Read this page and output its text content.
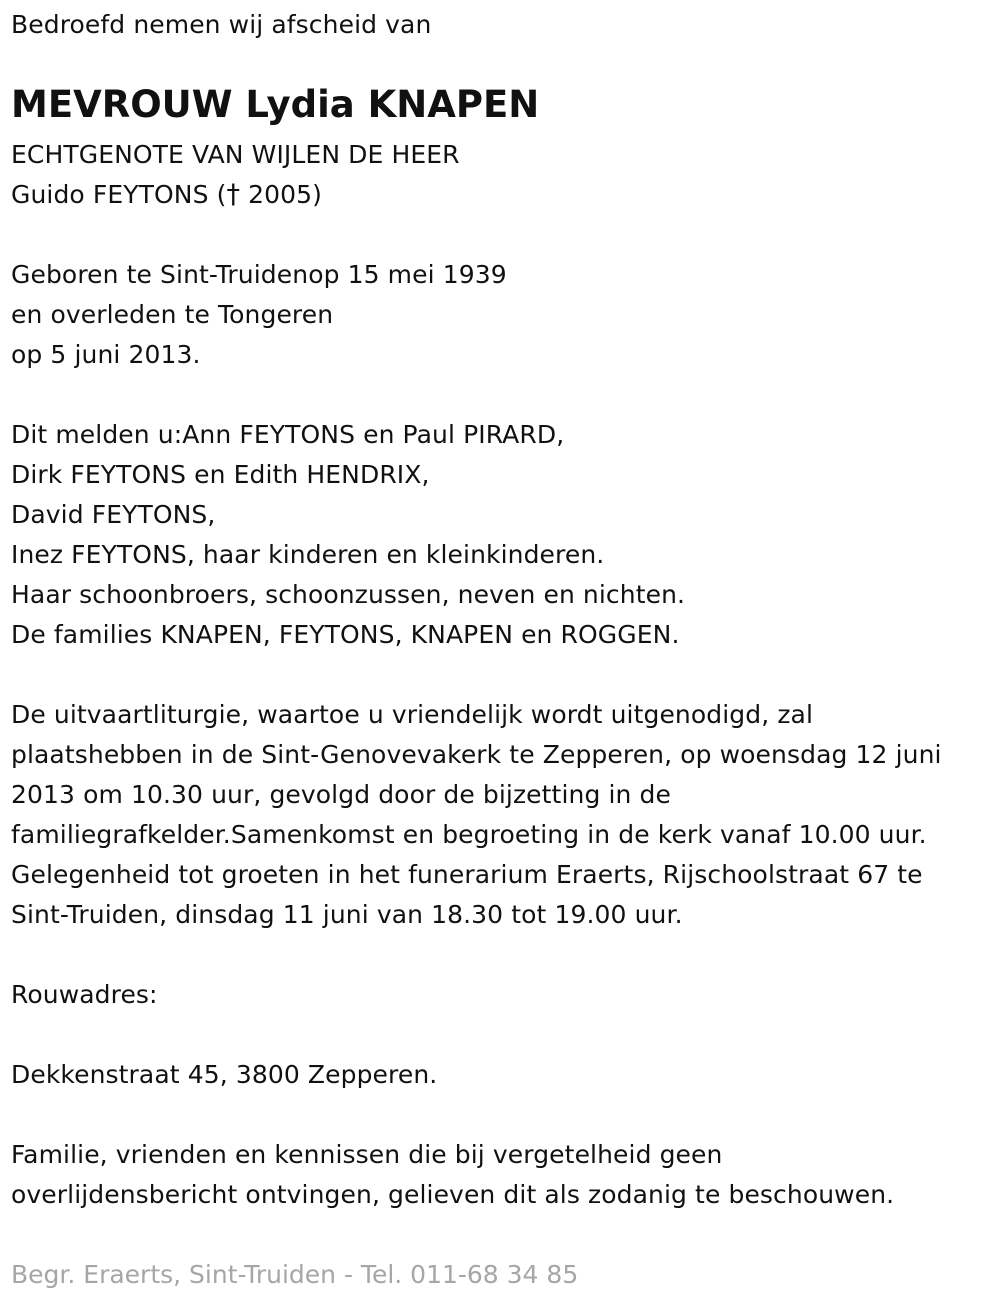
Bedroefd nemen wij afscheid van
MEVROUW Lydia KNAPEN
ECHTGENOTE VAN WIJLEN DE HEER
Guido FEYTONS († 2005)
Geboren te Sint-Truidenop 15 mei 1939
en overleden te Tongeren
op 5 juni 2013.
Dit melden u:Ann FEYTONS en Paul PIRARD,
Dirk FEYTONS en Edith HENDRIX,
David FEYTONS,
Inez FEYTONS, haar kinderen en kleinkinderen.
Haar schoonbroers, schoonzussen, neven en nichten.
De families KNAPEN, FEYTONS, KNAPEN en ROGGEN.
De uitvaartliturgie, waartoe u vriendelijk wordt uitgenodigd, zal
plaatshebben in de Sint-Genovevakerk te Zepperen, op woensdag 12 juni
2013 om 10.30 uur, gevolgd door de bijzetting in de
familiegrafkelder.Samenkomst en begroeting in de kerk vanaf 10.00 uur.
Gelegenheid tot groeten in het funerarium Eraerts, Rijschoolstraat 67 te
Sint-Truiden, dinsdag 11 juni van 18.30 tot 19.00 uur.
Rouwadres:
Dekkenstraat 45, 3800 Zepperen.
Familie, vrienden en kennissen die bij vergetelheid geen
overlijdensbericht ontvingen, gelieven dit als zodanig te beschouwen.
Begr. Eraerts, Sint-Truiden - Tel. 011-68 34 85
